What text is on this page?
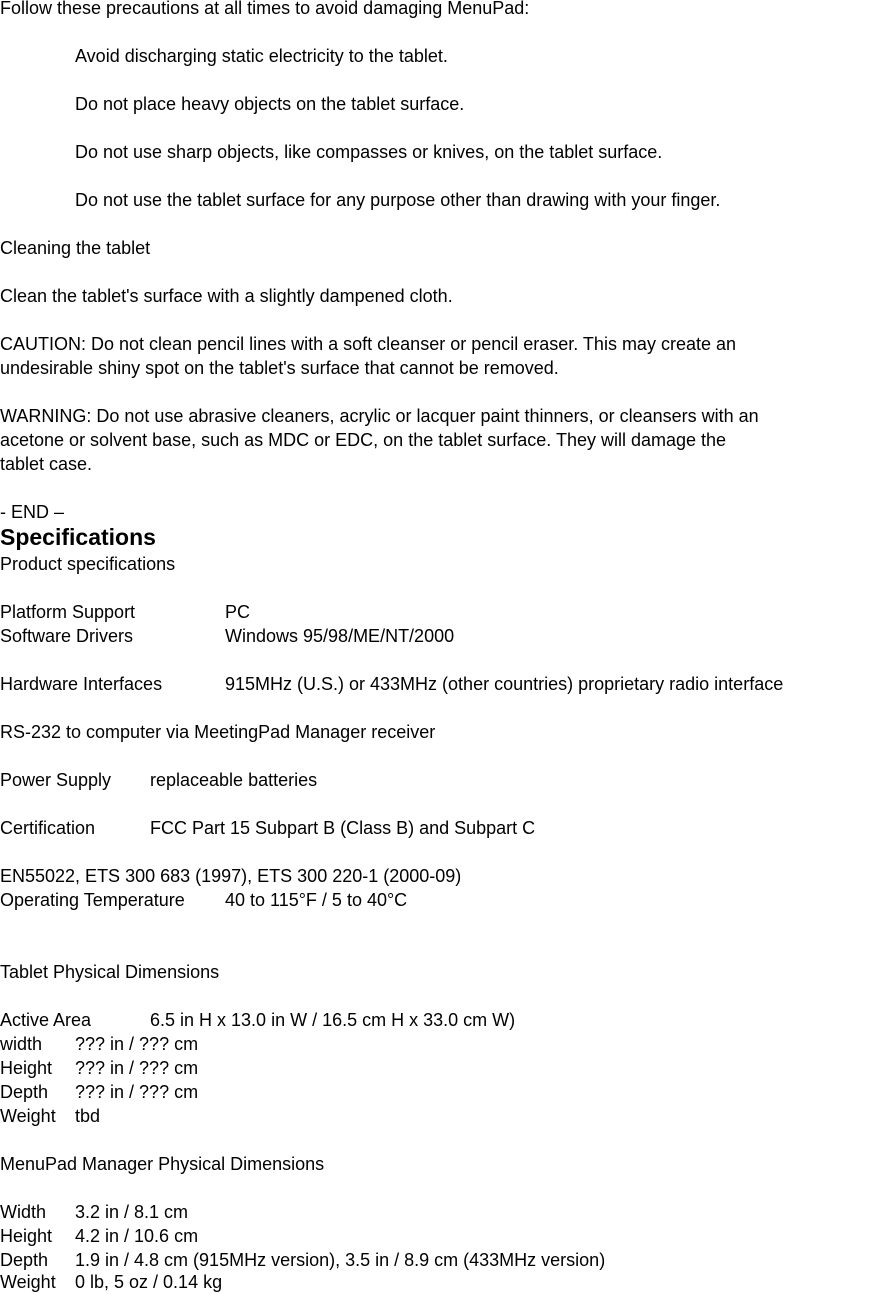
Follow these precautions at all times to avoid damaging MenuPad:
Avoid discharging static electricity to the tablet.
Do not place heavy objects on the tablet surface.
Do not use sharp objects, like compasses or knives, on the tablet surface.
Do not use the tablet surface for any purpose other than drawing with your finger.
Cleaning the tablet
Clean the tablet's surface with a slightly dampened cloth.
CAUTION: Do not clean pencil lines with a soft cleanser or pencil eraser. This may create an
undesirable shiny spot on the tablet's surface that cannot be removed.
WARNING: Do not use abrasive cleaners, acrylic or lacquer paint thinners, or cleansers with an
acetone or solvent base, such as MDC or EDC, on the tablet surface. They will damage the
tablet case.
- END –
Specifications
Product specifications
Platform Support	PC
Software Drivers	Windows 95/98/ME/NT/2000
Hardware Interfaces	915MHz (U.S.) or 433MHz (other countries) proprietary radio interface
RS-232 to computer via MeetingPad Manager receiver
Power Supply replaceable batteries
Certification	FCC Part 15 Subpart B (Class B) and Subpart C
EN55022, ETS 300 683 (1997), ETS 300 220-1 (2000-09)
Operating Temperature 40 to 115°F / 5 to 40°C
Tablet Physical Dimensions
Active Area	6.5 in H x 13.0 in W / 16.5 cm H x 33.0 cm W)
width ??? in / ??? cm
Height ??? in / ??? cm
Depth ??? in / ??? cm
Weight tbd
MenuPad Manager Physical Dimensions
Width 3.2 in / 8.1 cm
Height 4.2 in / 10.6 cm
Depth 1.9 in / 4.8 cm (915MHz version), 3.5 in / 8.9 cm (433MHz version)
Weight 0 lb, 5 oz / 0.14 kg
